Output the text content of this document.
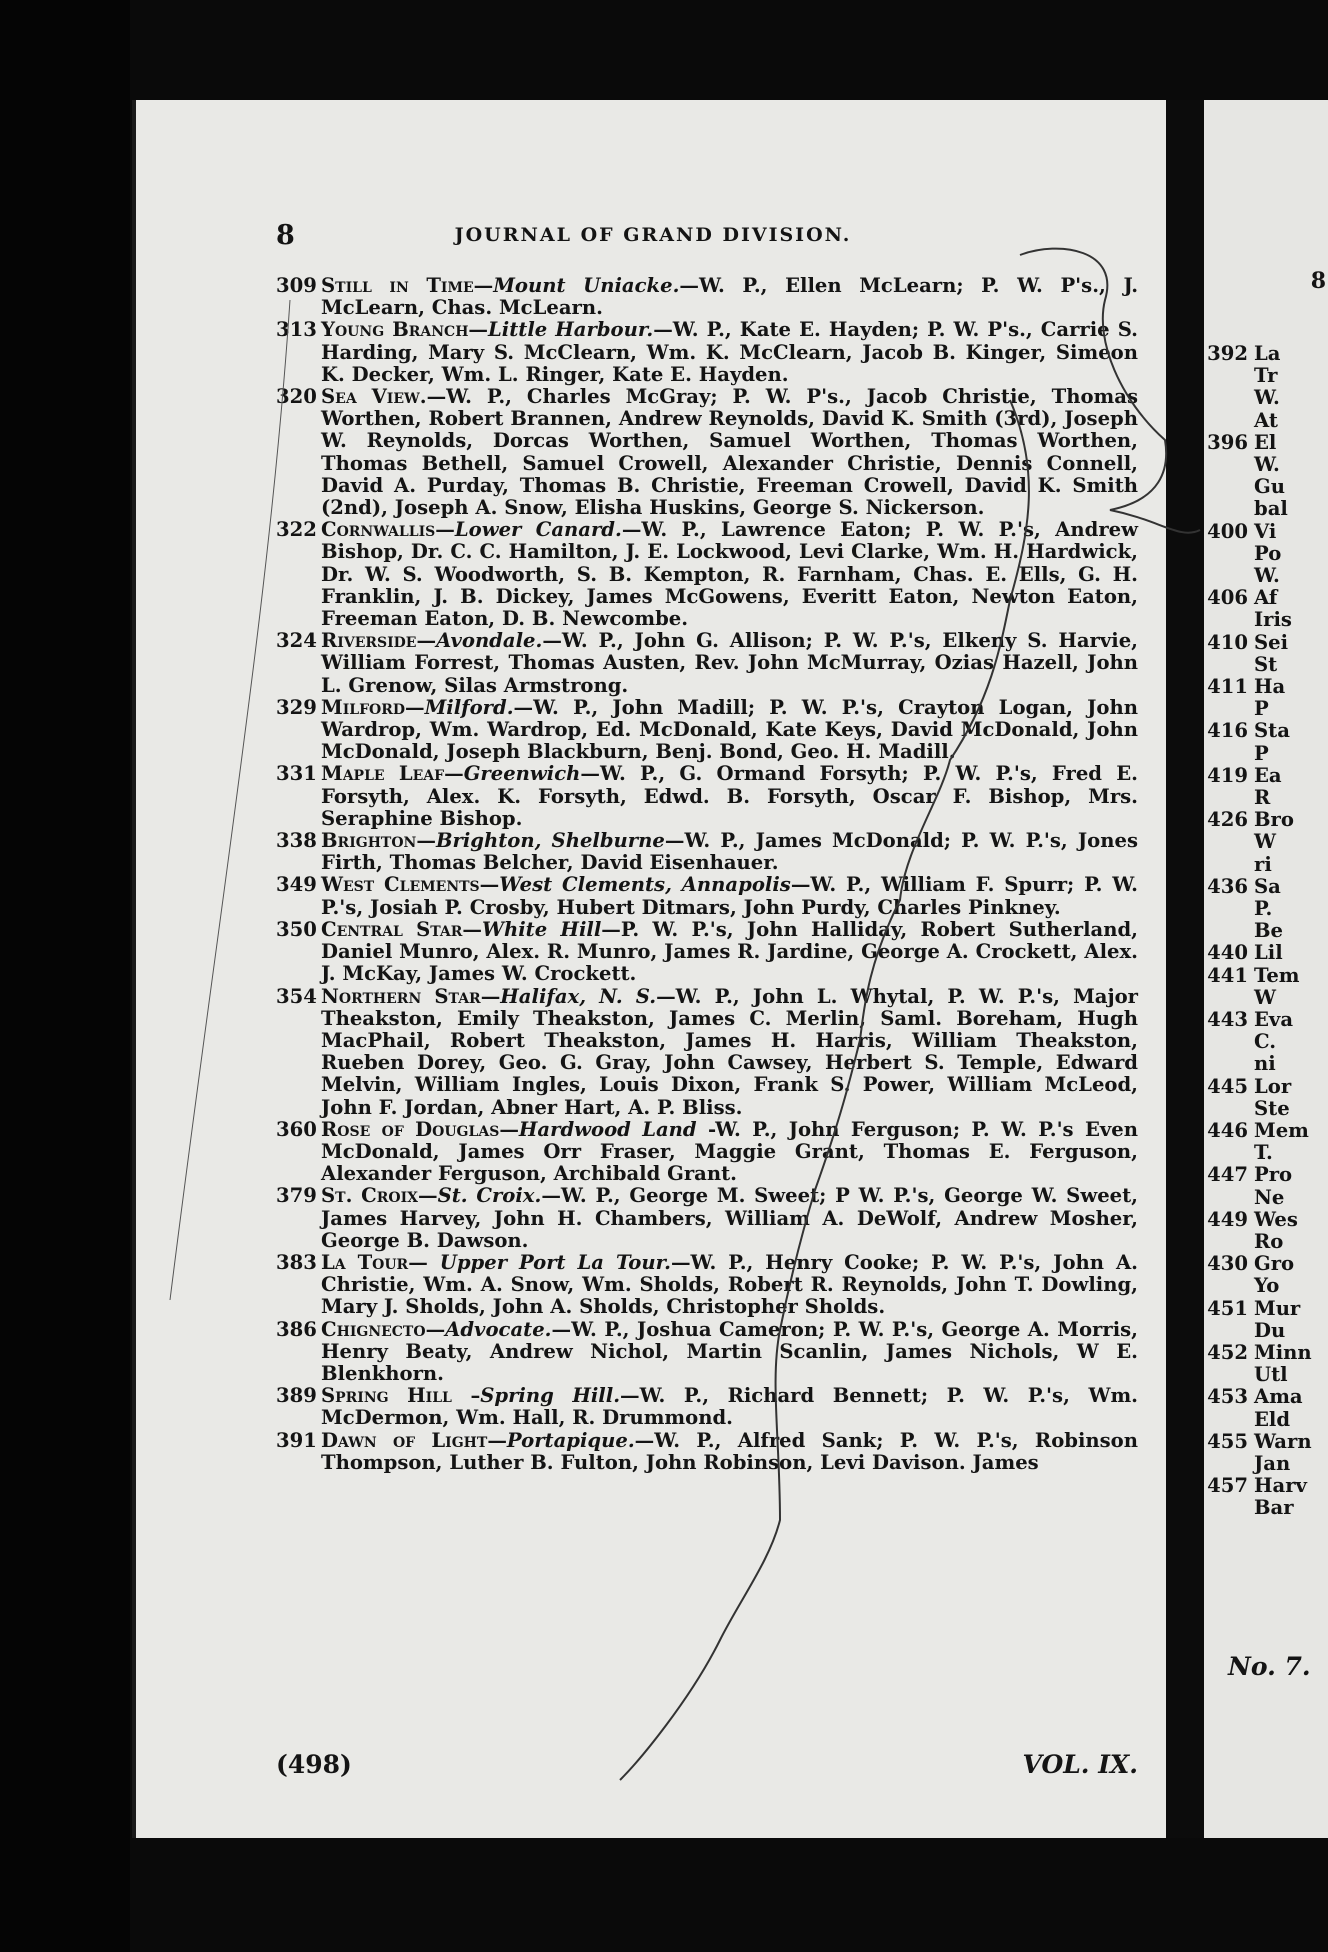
8	JOURNAL OF GRAND DIVISION.
309 Still in Time—Mount Uniacke.—W. P., Ellen McLearn; P. W. P's., J. McLearn, Chas. McLearn.
313 Young Branch—Little Harbour.—W. P., Kate E. Hayden; P. W. P's., Carrie S. Harding, Mary S. McClearn, Wm. K. McClearn, Jacob B. Kinger, Simeon K. Decker, Wm. L. Ringer, Kate E. Hayden.
320 Sea View.—W. P., Charles McGray; P. W. P's., Jacob Christie, Thomas Worthen, Robert Brannen, Andrew Reynolds, David K. Smith (3rd), Joseph W. Reynolds, Dorcas Worthen, Samuel Worthen, Thomas Worthen, Thomas Bethell, Samuel Crowell, Alexander Christie, Dennis Connell, David A. Purday, Thomas B. Christie, Freeman Crowell, David K. Smith (2nd), Joseph A. Snow, Elisha Huskins, George S. Nickerson.
322 Cornwallis—Lower Canard.—W. P., Lawrence Eaton; P. W. P.'s, Andrew Bishop, Dr. C. C. Hamilton, J. E. Lockwood, Levi Clarke, Wm. H. Hardwick, Dr. W. S. Woodworth, S. B. Kempton, R. Farnham, Chas. E. Ells, G. H. Franklin, J. B. Dickey, James McGowens, Everitt Eaton, Newton Eaton, Freeman Eaton, D. B. Newcombe.
324 Riverside—Avondale.—W. P., John G. Allison; P. W. P.'s, Elkeny S. Harvie, William Forrest, Thomas Austen, Rev. John McMurray, Ozias Hazell, John L. Grenow, Silas Armstrong.
329 Milford—Milford.—W. P., John Madill; P. W. P.'s, Crayton Logan, John Wardrop, Wm. Wardrop, Ed. McDonald, Kate Keys, David McDonald, John McDonald, Joseph Blackburn, Benj. Bond, Geo. H. Madill.
331 Maple Leaf—Greenwich—W. P., G. Ormand Forsyth; P. W. P.'s, Fred E. Forsyth, Alex. K. Forsyth, Edwd. B. Forsyth, Oscar F. Bishop, Mrs. Seraphine Bishop.
338 Brighton—Brighton, Shelburne—W. P., James McDonald; P. W. P.'s, Jones Firth, Thomas Belcher, David Eisenhauer.
349 West Clements—West Clements, Annapolis—W. P., William F. Spurr; P. W. P.'s, Josiah P. Crosby, Hubert Ditmars, John Purdy, Charles Pinkney.
350 Central Star—White Hill—P. W. P.'s, John Halliday, Robert Sutherland, Daniel Munro, Alex. R. Munro, James R. Jardine, George A. Crockett, Alex. J. McKay, James W. Crockett.
354 Northern Star—Halifax, N. S.—W. P., John L. Whytal, P. W. P.'s, Major Theakston, Emily Theakston, James C. Merlin, Saml. Boreham, Hugh MacPhail, Robert Theakston, James H. Harris, William Theakston, Rueben Dorey, Geo. G. Gray, John Cawsey, Herbert S. Temple, Edward Melvin, William Ingles, Louis Dixon, Frank S. Power, William McLeod, John F. Jordan, Abner Hart, A. P. Bliss.
360 Rose of Douglas—Hardwood Land -W. P., John Ferguson; P. W. P.'s Even McDonald, James Orr Fraser, Maggie Grant, Thomas E. Ferguson, Alexander Ferguson, Archibald Grant.
379 St. Croix—St. Croix.—W. P., George M. Sweet; P W. P.'s, George W. Sweet, James Harvey, John H. Chambers, William A. DeWolf, Andrew Mosher, George B. Dawson.
383 La Tour— Upper Port La Tour.—W. P., Henry Cooke; P. W. P.'s, John A. Christie, Wm. A. Snow, Wm. Sholds, Robert R. Reynolds, John T. Dowling, Mary J. Sholds, John A. Sholds, Christopher Sholds.
386 Chignecto—Advocate.—W. P., Joshua Cameron; P. W. P.'s, George A. Morris, Henry Beaty, Andrew Nichol, Martin Scanlin, James Nichols, W E. Blenkhorn.
389 Spring Hill –Spring Hill.—W. P., Richard Bennett; P. W. P.'s, Wm. McDermon, Wm. Hall, R. Drummond.
391 Dawn of Light—Portapique.—W. P., Alfred Sank; P. W. P.'s, Robinson Thompson, Luther B. Fulton, John Robinson, Levi Davison. James
(498)	VOL. IX.
8
No. 7.
392 La
Tr
W.
At
396 El
W.
Gu
bal
400 Vi
Po
W.
406 Af
Iris
410 Sei
St
411 Ha
P
416 Sta
P
419 Ea
R
426 Bro
W
ri
436 Sa
P.
Be
440 Lil
441 Tem
W
443 Eva
C.
ni
445 Lor
Ste
446 Mem
T.
447 Pro
Ne
449 Wes
Ro
430 Gro
Yo
451 Mur
Du
452 Minn
Utl
453 Ama
Eld
455 Warn
Jan
457 Harv
Bar
